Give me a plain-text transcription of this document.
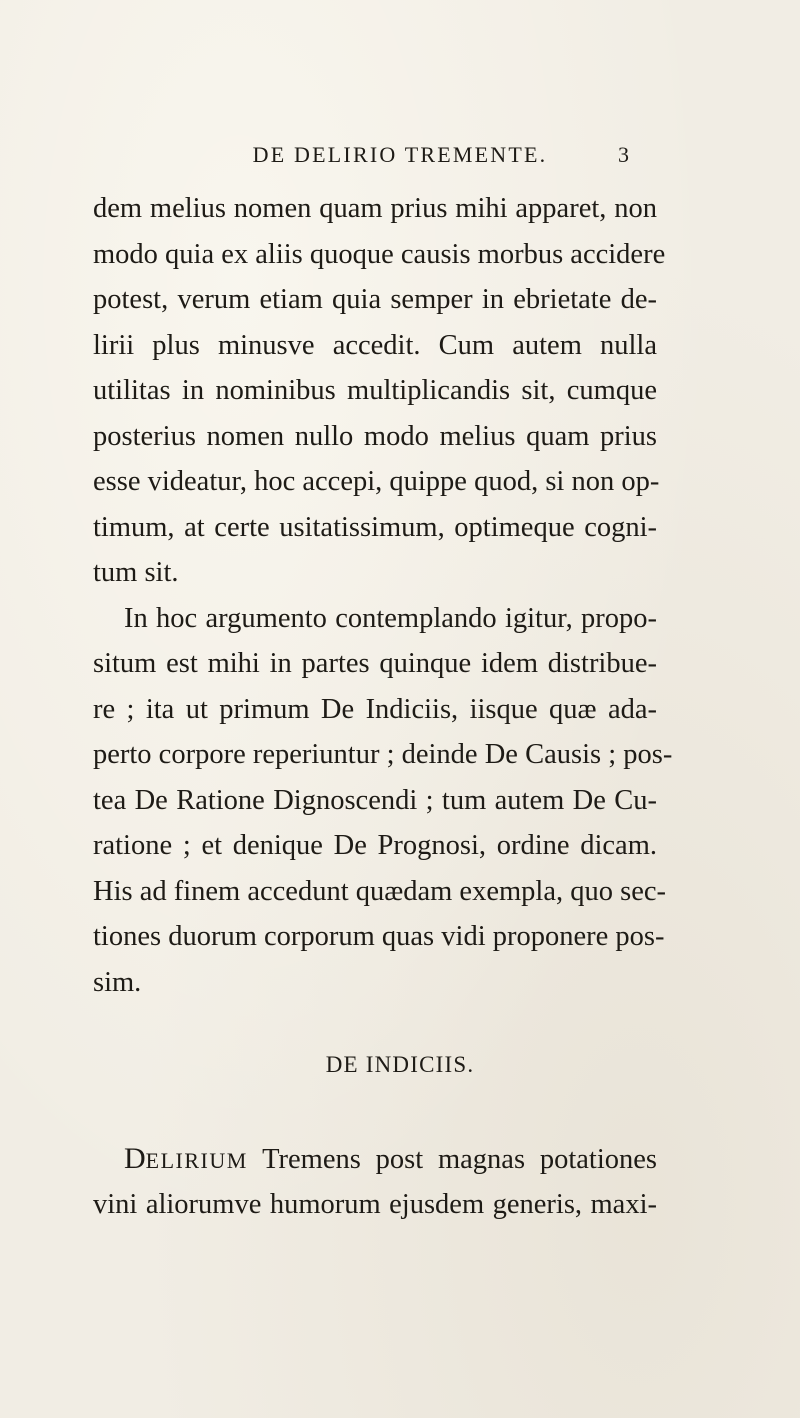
DE DELIRIO TREMENTE.	3
dem melius nomen quam prius mihi apparet, non
modo quia ex aliis quoque causis morbus accidere
potest, verum etiam quia semper in ebrietate de-
lirii plus minusve accedit. Cum autem nulla
utilitas in nominibus multiplicandis sit, cumque
posterius nomen nullo modo melius quam prius
esse videatur, hoc accepi, quippe quod, si non op-
timum, at certe usitatissimum, optimeque cogni-
tum sit.
In hoc argumento contemplando igitur, propo-
situm est mihi in partes quinque idem distribue-
re ; ita ut primum De Indiciis, iisque quæ ada-
perto corpore reperiuntur ; deinde De Causis ; pos-
tea De Ratione Dignoscendi ; tum autem De Cu-
ratione ; et denique De Prognosi, ordine dicam.
His ad finem accedunt quædam exempla, quo sec-
tiones duorum corporum quas vidi proponere pos-
sim.
DE INDICIIS.
DELIRIUM Tremens post magnas potationes
vini aliorumve humorum ejusdem generis, maxi-
